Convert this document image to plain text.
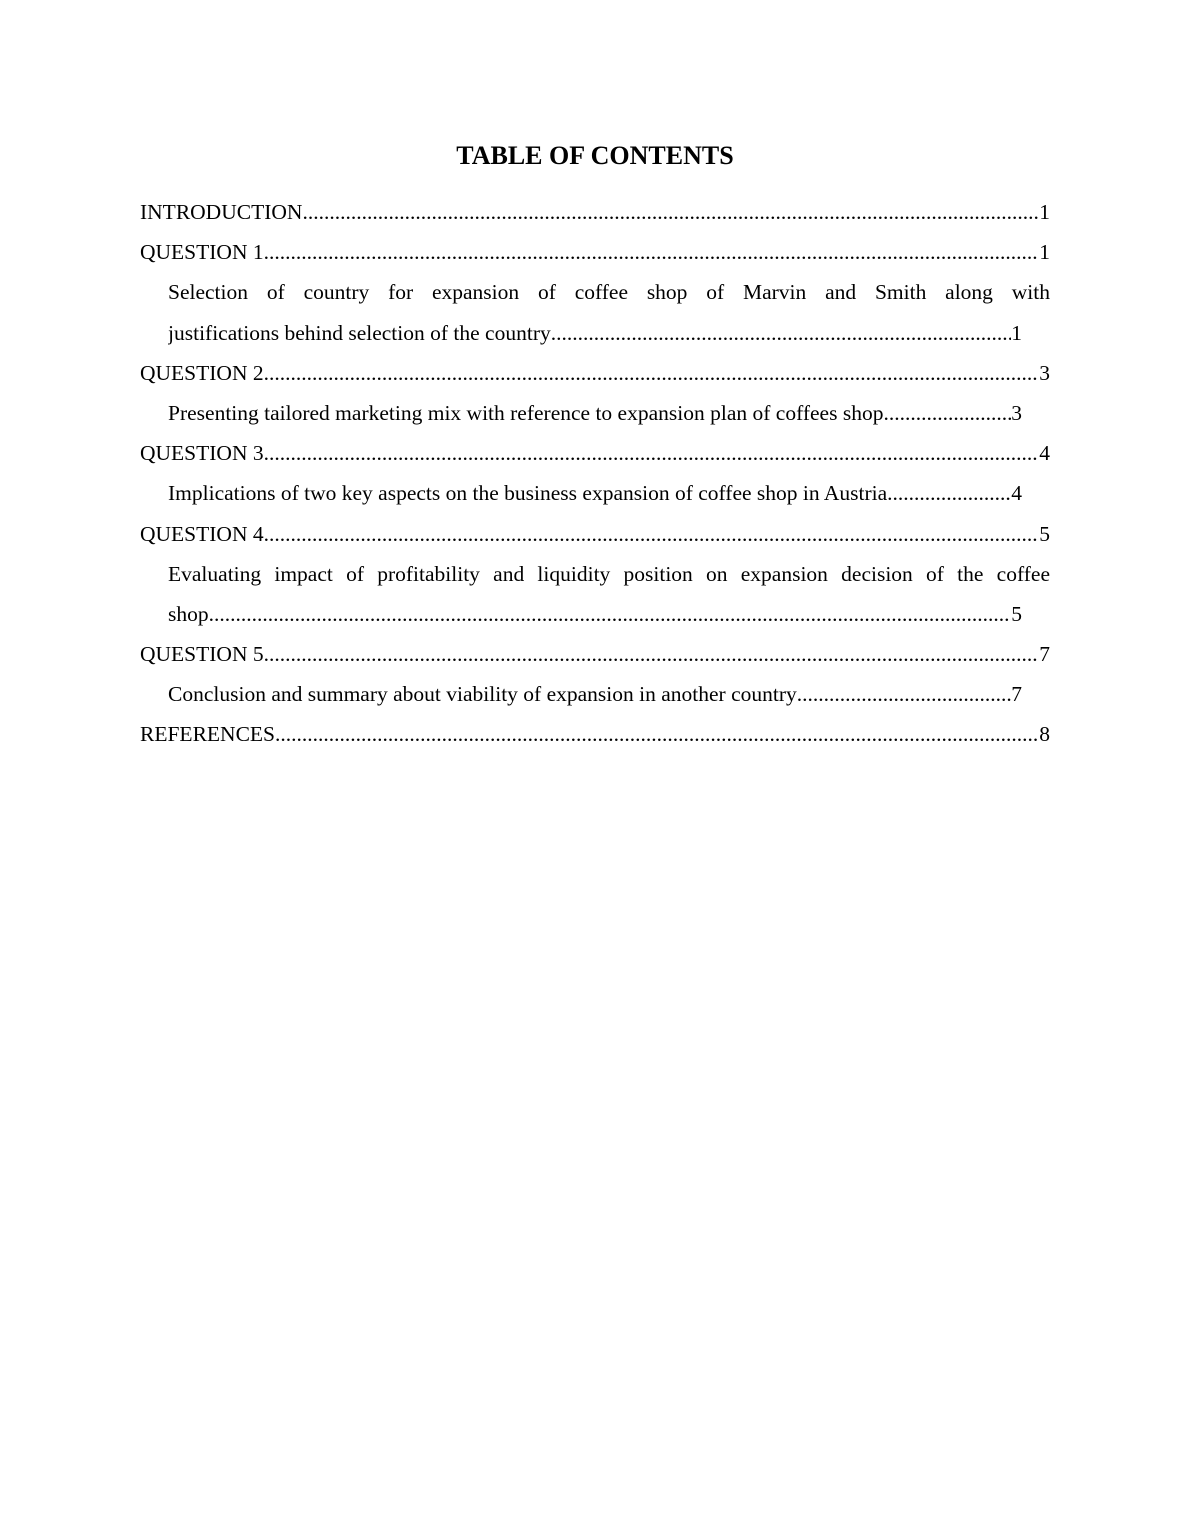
TABLE OF CONTENTS
INTRODUCTION .....	1
QUESTION 1 .....	1
Selection of country for expansion of coffee shop of Marvin and Smith along with
justifications behind selection of the country .....	1
QUESTION 2 .....	3
Presenting tailored marketing mix with reference to expansion plan of coffees shop .....	3
QUESTION 3 .....	4
Implications of two key aspects on the business expansion of coffee shop in Austria .....	4
QUESTION 4 .....	5
Evaluating impact of profitability and liquidity position on expansion decision of the coffee
shop .....	5
QUESTION 5 .....	7
Conclusion and summary about viability of expansion in another country .....	7
REFERENCES .....	8
